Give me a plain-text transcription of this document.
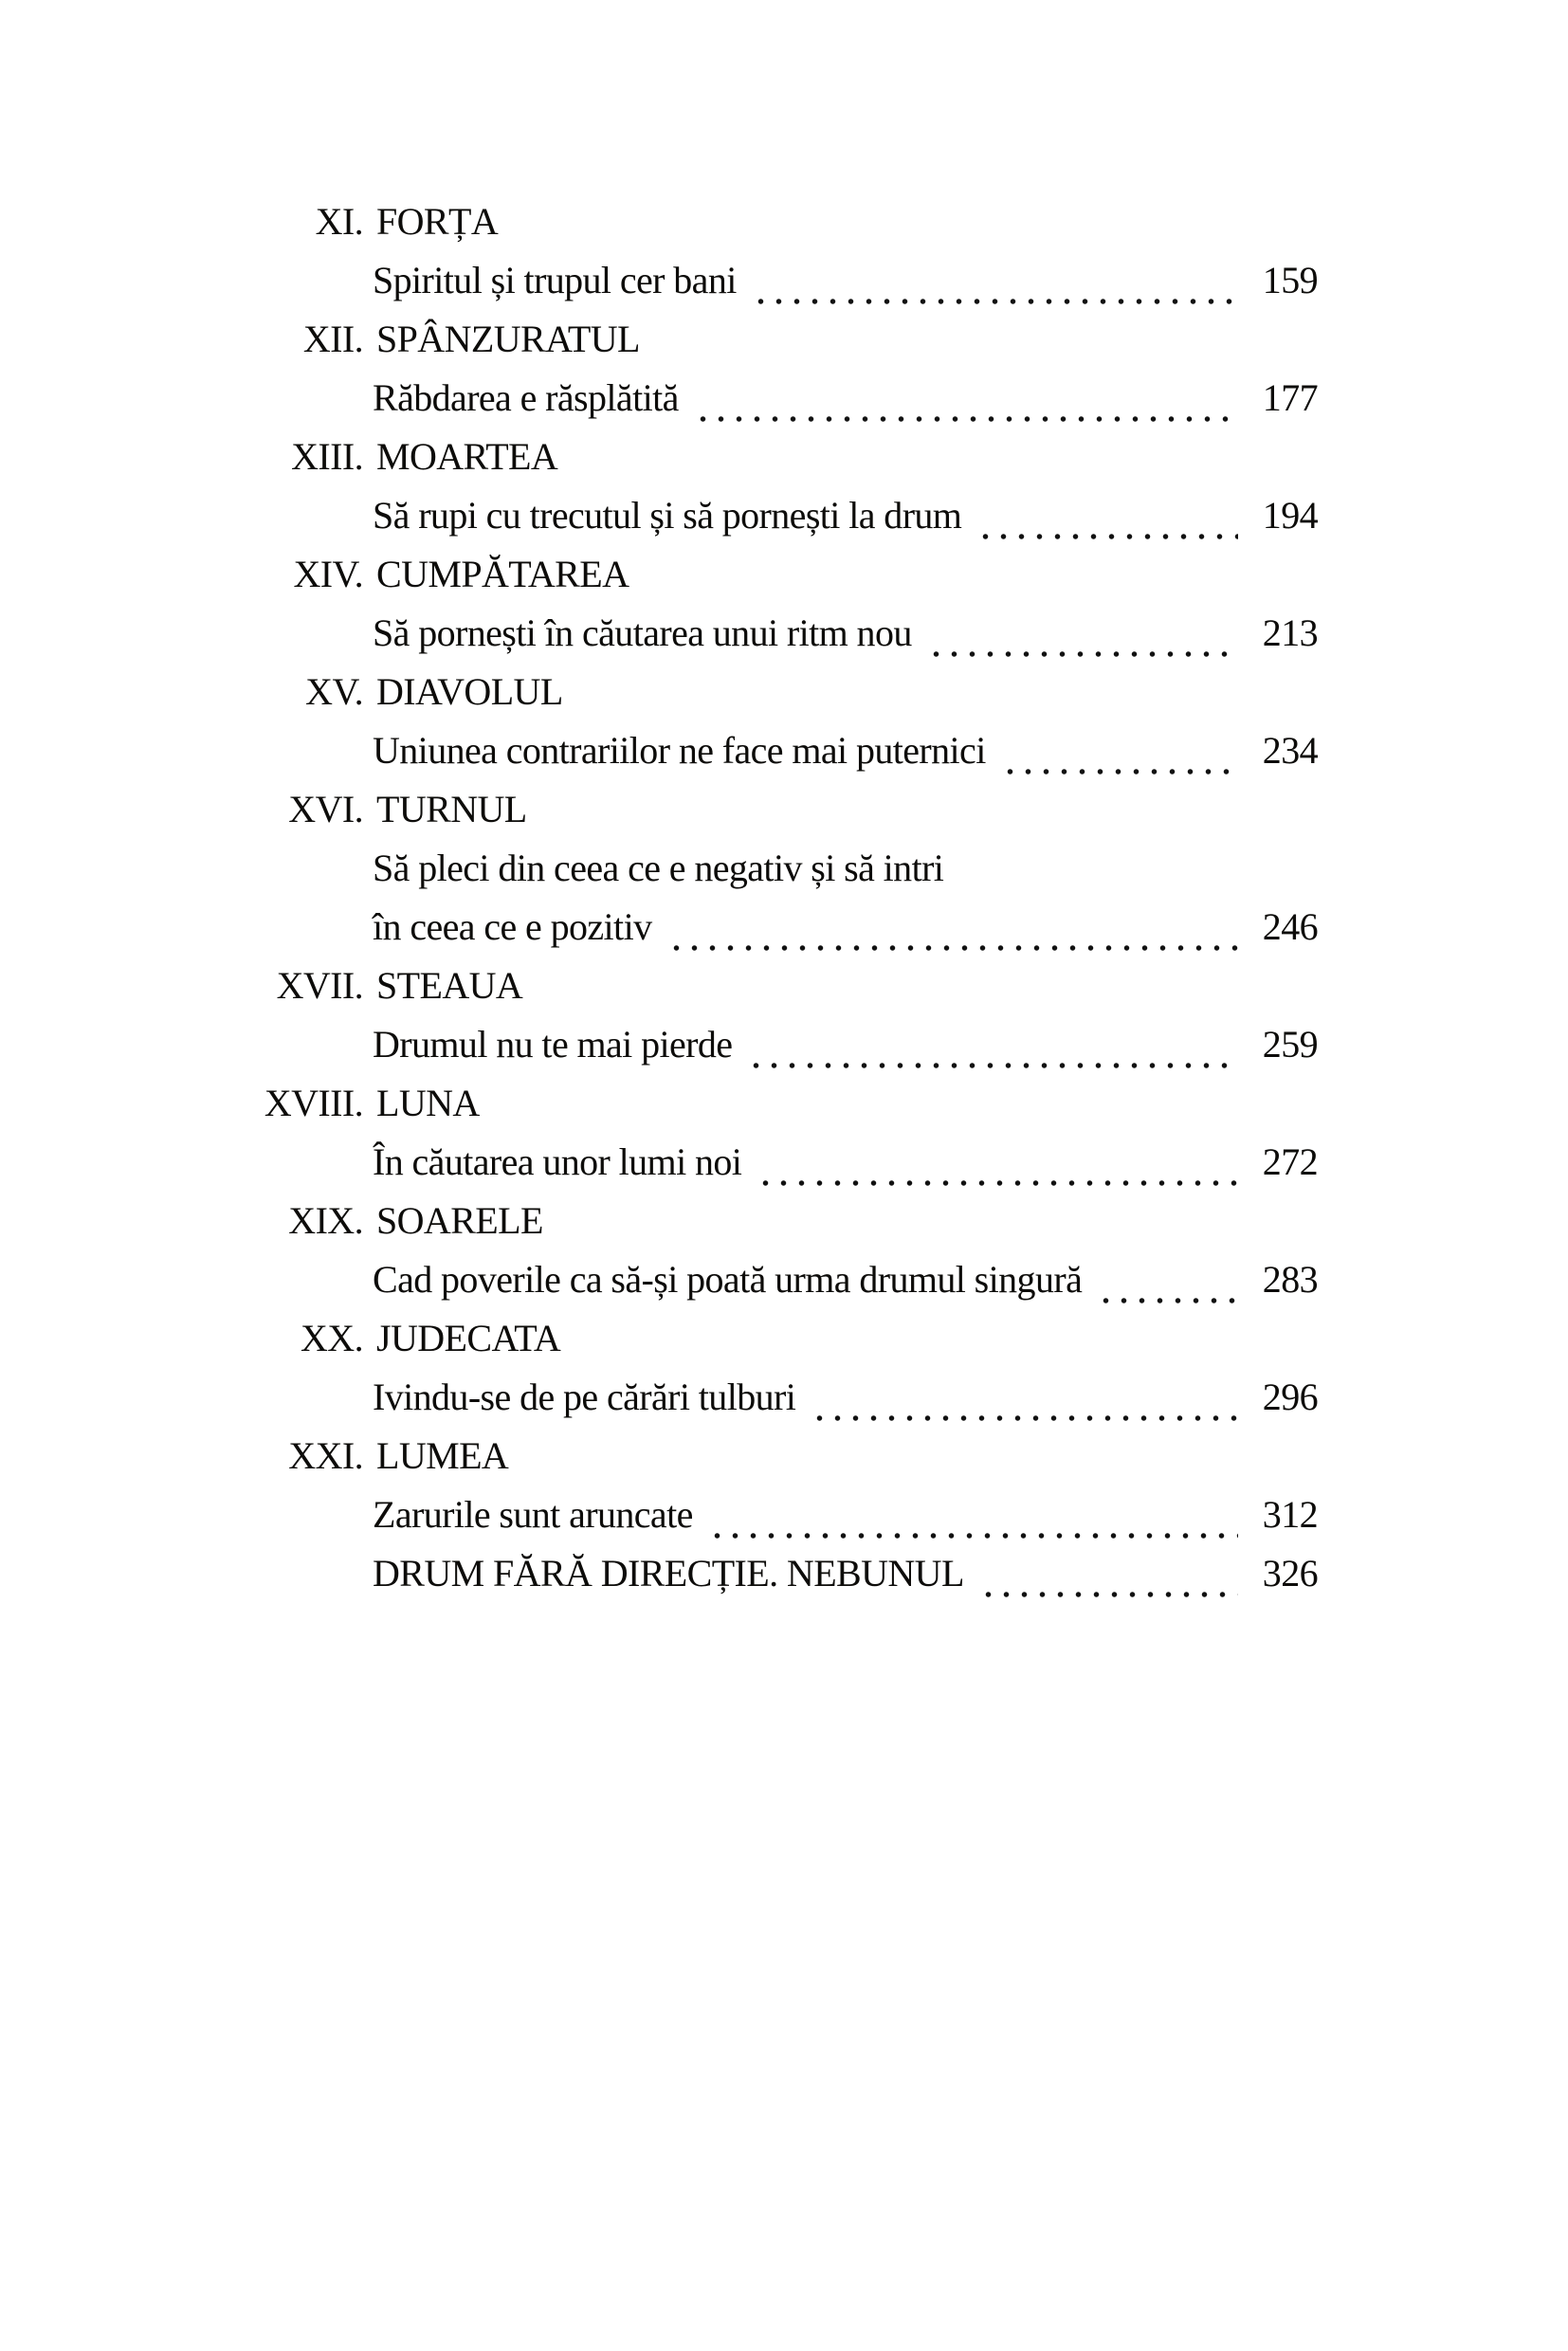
XI. FORȚA
Spiritul și trupul cer bani	159
XII. SPÂNZURATUL
Răbdarea e răsplătită	177
XIII. MOARTEA
Să rupi cu trecutul și să pornești la drum	194
XIV. CUMPĂTAREA
Să pornești în căutarea unui ritm nou	213
XV. DIAVOLUL
Uniunea contrariilor ne face mai puternici	234
XVI. TURNUL
Să pleci din ceea ce e negativ și să intri
în ceea ce e pozitiv	246
XVII. STEAUA
Drumul nu te mai pierde	259
XVIII. LUNA
În căutarea unor lumi noi	272
XIX. SOARELE
Cad poverile ca să-și poată urma drumul singură	283
XX. JUDECATA
Ivindu-se de pe cărări tulburi	296
XXI. LUMEA
Zarurile sunt aruncate	312
DRUM FĂRĂ DIRECȚIE. NEBUNUL	326
